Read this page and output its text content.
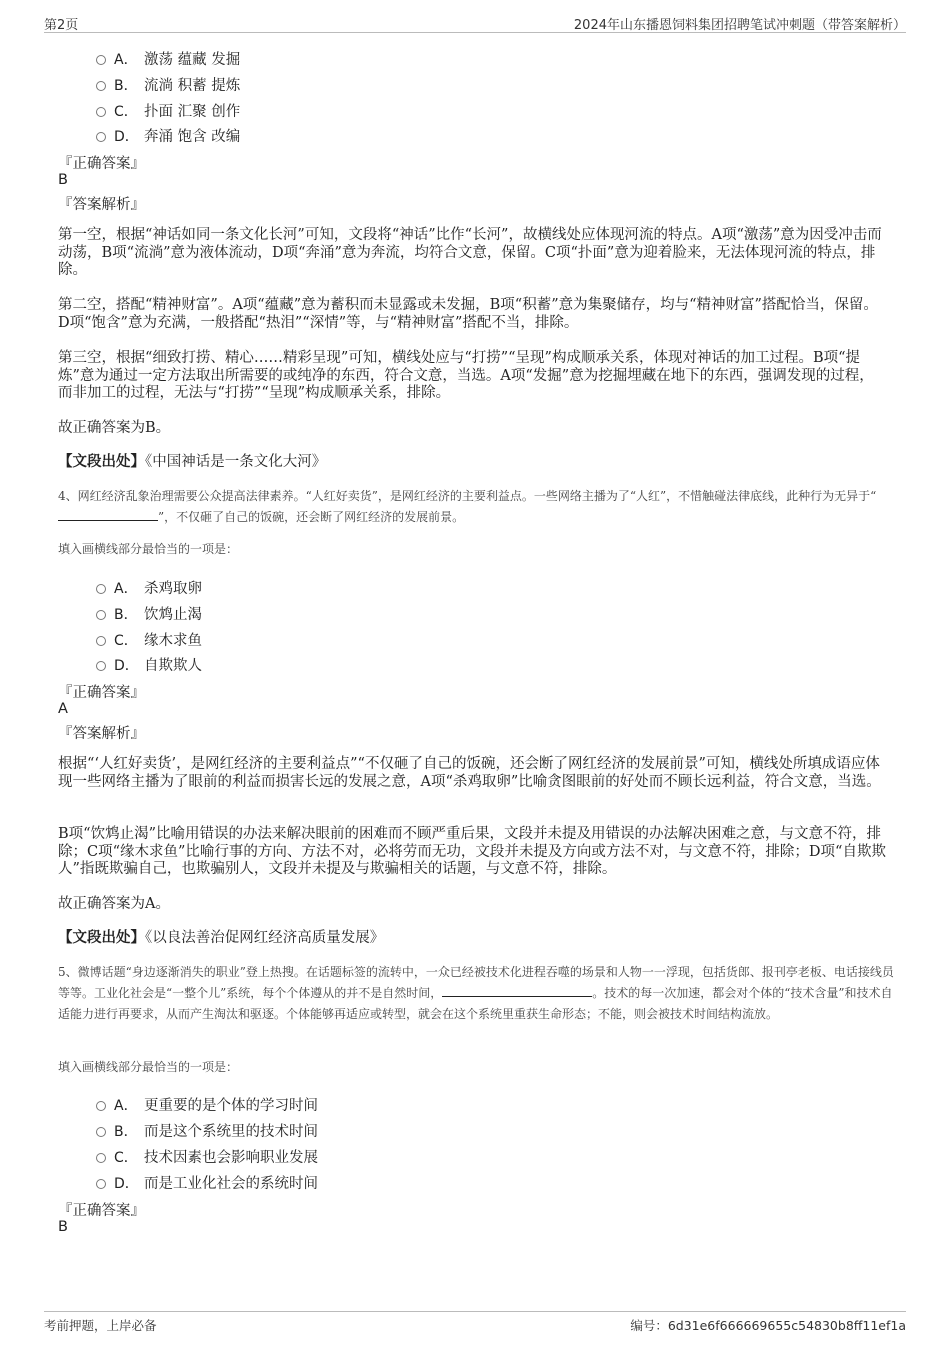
第2页	2024年山东播恩饲料集团招聘笔试冲刺题（带答案解析）
A． 激荡 蕴藏 发掘
B． 流淌 积蓄 提炼
C． 扑面 汇聚 创作
D． 奔涌 饱含 改编
『正确答案』
B
『答案解析』
第一空，根据“神话如同一条文化长河”可知，文段将“神话”比作“长河”，故横线处应体现河流的特点。A项“激荡”意为因受冲击而动荡，B项“流淌”意为液体流动，D项“奔涌”意为奔流，均符合文意，保留。C项“扑面”意为迎着脸来，无法体现河流的特点，排除。
第二空，搭配“精神财富”。A项“蕴藏”意为蓄积而未显露或未发掘，B项“积蓄”意为集聚储存，均与“精神财富”搭配恰当，保留。D项“饱含”意为充满，一般搭配“热泪”“深情”等，与“精神财富”搭配不当，排除。
第三空，根据“细致打捞、精心……精彩呈现”可知，横线处应与“打捞”“呈现”构成顺承关系，体现对神话的加工过程。B项“提炼”意为通过一定方法取出所需要的或纯净的东西，符合文意，当选。A项“发掘”意为挖掘埋藏在地下的东西，强调发现的过程，而非加工的过程，无法与“打捞”“呈现”构成顺承关系，排除。
故正确答案为B。
【文段出处】《中国神话是一条文化大河》
4、网红经济乱象治理需要公众提高法律素养。“人红好卖货”，是网红经济的主要利益点。一些网络主播为了“人红”，不惜触碰法律底线，此种行为无异于“”，不仅砸了自己的饭碗，还会断了网红经济的发展前景。
填入画横线部分最恰当的一项是：
A． 杀鸡取卵
B． 饮鸩止渴
C． 缘木求鱼
D． 自欺欺人
『正确答案』
A
『答案解析』
根据“‘人红好卖货’，是网红经济的主要利益点”“不仅砸了自己的饭碗，还会断了网红经济的发展前景”可知，横线处所填成语应体现一些网络主播为了眼前的利益而损害长远的发展之意，A项“杀鸡取卵”比喻贪图眼前的好处而不顾长远利益，符合文意，当选。
B项“饮鸩止渴”比喻用错误的办法来解决眼前的困难而不顾严重后果，文段并未提及用错误的办法解决困难之意，与文意不符，排除；C项“缘木求鱼”比喻行事的方向、方法不对，必将劳而无功，文段并未提及方向或方法不对，与文意不符，排除；D项“自欺欺人”指既欺骗自己，也欺骗别人，文段并未提及与欺骗相关的话题，与文意不符，排除。
故正确答案为A。
【文段出处】《以良法善治促网红经济高质量发展》
5、微博话题“身边逐渐消失的职业”登上热搜。在话题标签的流转中，一众已经被技术化进程吞噬的场景和人物一一浮现，包括货郎、报刊亭老板、电话接线员等等。工业化社会是“一整个儿”系统，每个个体遵从的并不是自然时间，	。技术的每一次加速，都会对个体的“技术含量”和技术自适能力进行再要求，从而产生淘汰和驱逐。个体能够再适应或转型，就会在这个系统里重获生命形态；不能，则会被技术时间结构流放。
填入画横线部分最恰当的一项是：
A． 更重要的是个体的学习时间
B． 而是这个系统里的技术时间
C． 技术因素也会影响职业发展
D． 而是工业化社会的系统时间
『正确答案』
B
考前押题，上岸必备	编号：6d31e6f666669655c54830b8ff11ef1a
